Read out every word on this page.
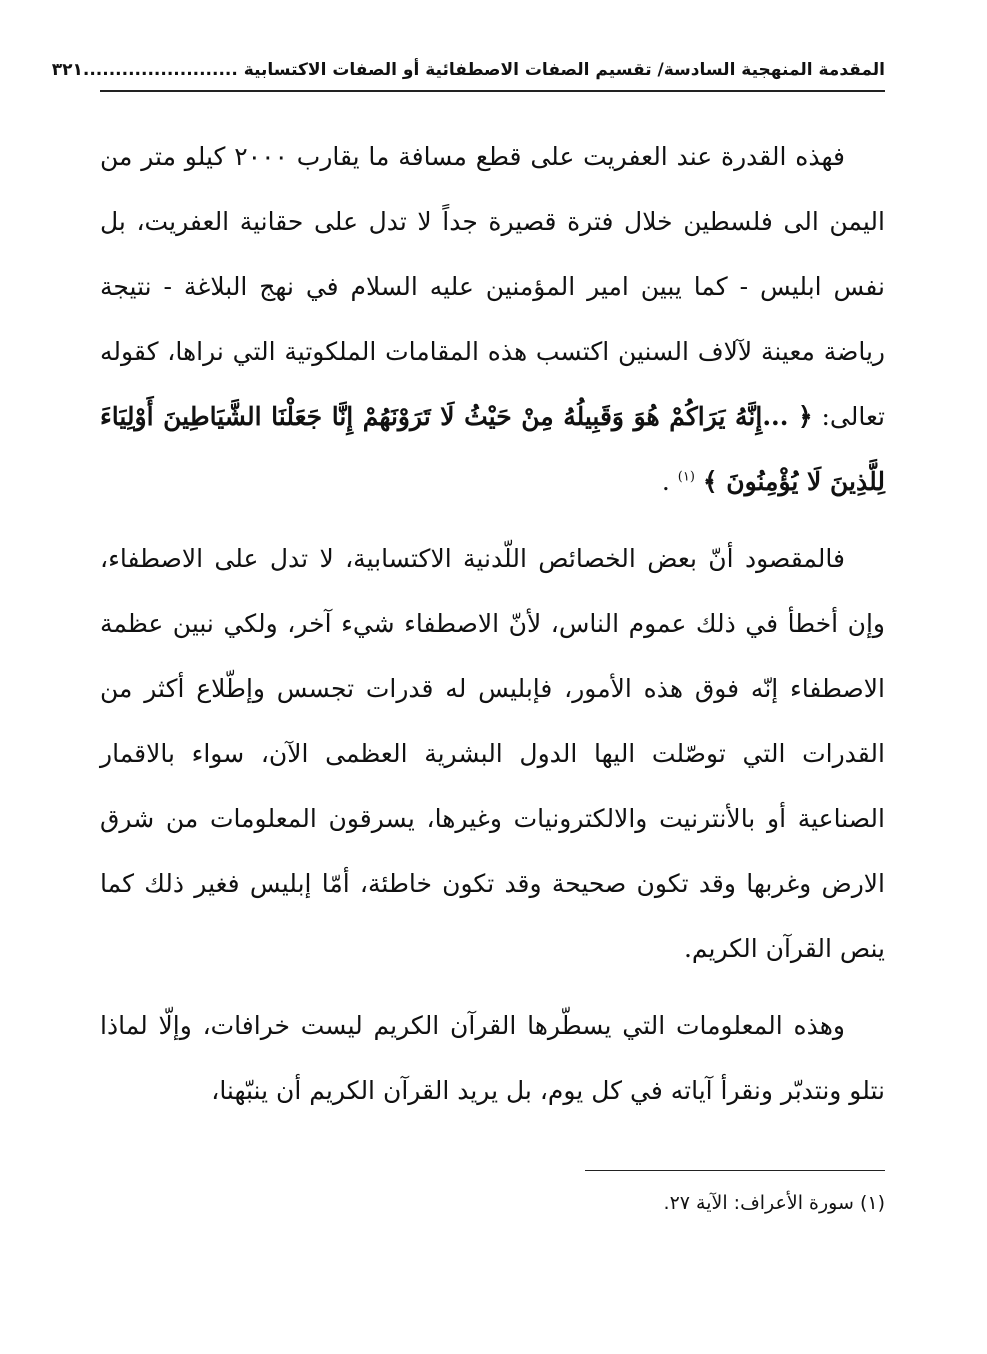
المقدمة المنهجية السادسة/ تقسيم الصفات الاصطفائية أو الصفات الاكتسابية ........................
٣٢١

فهذه القدرة عند العفريت على قطع مسافة ما يقارب ٢٠٠٠ كيلو متر من اليمن الى فلسطين خلال فترة قصيرة جداً لا تدل على حقانية العفريت، بل نفس ابليس - كما يبين امير المؤمنين عليه السلام في نهج البلاغة - نتيجة رياضة معينة لآلاف السنين اكتسب هذه المقامات الملكوتية التي نراها، كقوله تعالى: ﴿ ...إِنَّهُ يَرَاكُمْ هُوَ وَقَبِيلُهُ مِنْ حَيْثُ لَا تَرَوْنَهُمْ إِنَّا جَعَلْنَا الشَّيَاطِينَ أَوْلِيَاءَ لِلَّذِينَ لَا يُؤْمِنُونَ ﴾ $^{(١)}$ .

فالمقصود أنّ بعض الخصائص اللّدنية الاكتسابية، لا تدل على الاصطفاء، وإن أخطأ في ذلك عموم الناس، لأنّ الاصطفاء شيء آخر، ولكي نبين عظمة الاصطفاء إنّه فوق هذه الأمور، فإبليس له قدرات تجسس وإطّلاع أكثر من القدرات التي توصّلت اليها الدول البشرية العظمى الآن، سواء بالاقمار الصناعية أو بالأنترنيت والالكترونيات وغيرها، يسرقون المعلومات من شرق الارض وغربها وقد تكون صحيحة وقد تكون خاطئة، أمّا إبليس فغير ذلك كما ينص القرآن الكريم.

وهذه المعلومات التي يسطّرها القرآن الكريم ليست خرافات، وإلّا لماذا نتلو ونتدبّر ونقرأ آياته في كل يوم، بل يريد القرآن الكريم أن ينبّهنا،

(١) سورة الأعراف: الآية ٢٧.
